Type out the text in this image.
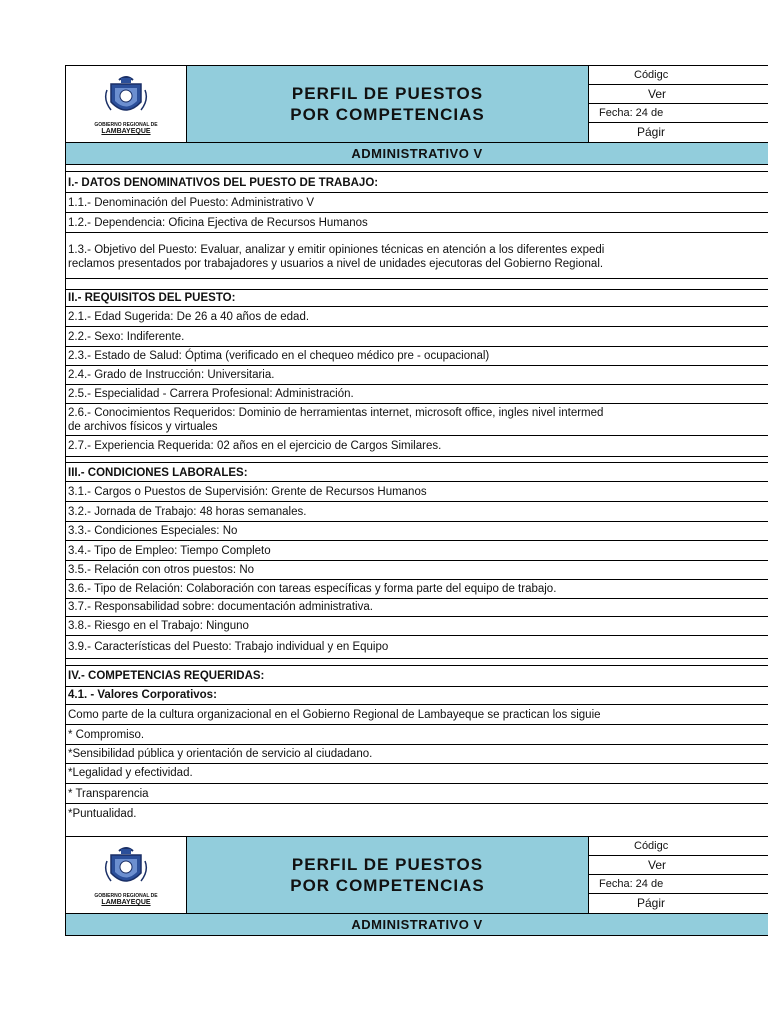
GOBIERNO REGIONAL DE
LAMBAYEQUE
PERFIL DE PUESTOS
POR COMPETENCIAS
Códigc
Ver
Fecha: 24 de
Págir
ADMINISTRATIVO V
I.- DATOS DENOMINATIVOS DEL PUESTO DE TRABAJO:
1.1.- Denominación del Puesto: Administrativo V
1.2.- Dependencia: Oficina Ejectiva de Recursos Humanos
1.3.- Objetivo del Puesto: Evaluar, analizar y emitir opiniones técnicas en atención a los diferentes expedi
reclamos presentados por trabajadores y usuarios a nivel de unidades ejecutoras del Gobierno Regional.
II.- REQUISITOS DEL PUESTO:
2.1.- Edad Sugerida: De 26 a 40 años de edad.
2.2.- Sexo: Indiferente.
2.3.- Estado de Salud: Óptima (verificado en el chequeo médico pre - ocupacional)
2.4.- Grado de Instrucción: Universitaria.
2.5.- Especialidad - Carrera Profesional: Administración.
2.6.- Conocimientos Requeridos: Dominio de herramientas internet, microsoft office, ingles nivel intermed
de archivos físicos y virtuales
2.7.- Experiencia Requerida: 02 años en el ejercicio de Cargos Similares.
III.- CONDICIONES LABORALES:
3.1.- Cargos o Puestos de Supervisión: Grente de Recursos Humanos
3.2.- Jornada de Trabajo: 48 horas semanales.
3.3.- Condiciones Especiales: No
3.4.- Tipo de Empleo: Tiempo Completo
3.5.- Relación con otros puestos: No
3.6.- Tipo de Relación: Colaboración con tareas específicas y forma parte del equipo de trabajo.
3.7.- Responsabilidad sobre: documentación administrativa.
3.8.- Riesgo en el Trabajo: Ninguno
3.9.- Características del Puesto: Trabajo individual y en Equipo
IV.- COMPETENCIAS REQUERIDAS:
4.1. - Valores Corporativos:
Como parte de la cultura organizacional en el Gobierno Regional de Lambayeque se practican los siguie
* Compromiso.
*Sensibilidad pública y orientación de servicio al ciudadano.
*Legalidad y efectividad.
* Transparencia
*Puntualidad.
GOBIERNO REGIONAL DE
LAMBAYEQUE
PERFIL DE PUESTOS
POR COMPETENCIAS
Códigc
Ver
Fecha: 24 de
Págir
ADMINISTRATIVO V
